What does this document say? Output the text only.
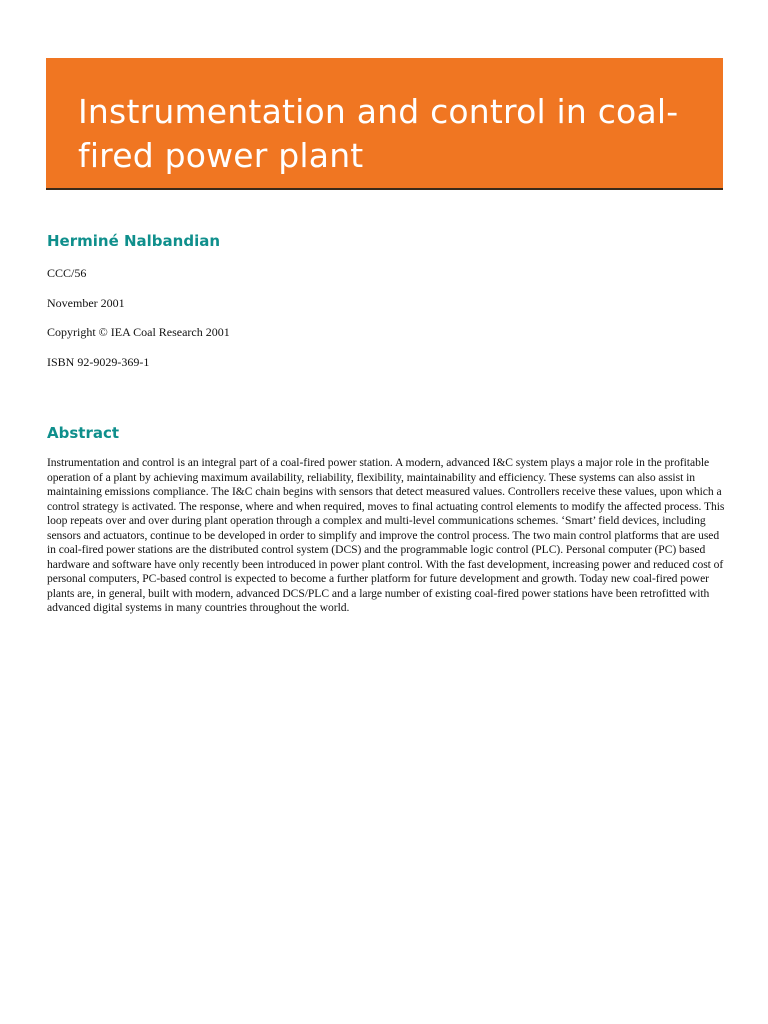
Instrumentation and control in coal-fired power plant

Herminé Nalbandian

CCC/56

November 2001

Copyright © IEA Coal Research 2001

ISBN 92-9029-369-1

Abstract

Instrumentation and control is an integral part of a coal-fired power station. A modern, advanced I&C system plays a major role in the profitable operation of a plant by achieving maximum availability, reliability, flexibility, maintainability and efficiency. These systems can also assist in maintaining emissions compliance. The I&C chain begins with sensors that detect measured values. Controllers receive these values, upon which a control strategy is activated. The response, where and when required, moves to final actuating control elements to modify the affected process. This loop repeats over and over during plant operation through a complex and multi-level communications schemes. ‘Smart’ field devices, including sensors and actuators, continue to be developed in order to simplify and improve the control process. The two main control platforms that are used in coal-fired power stations are the distributed control system (DCS) and the programmable logic control (PLC). Personal computer (PC) based hardware and software have only recently been introduced in power plant control. With the fast development, increasing power and reduced cost of personal computers, PC-based control is expected to become a further platform for future development and growth. Today new coal-fired power plants are, in general, built with modern, advanced DCS/PLC and a large number of existing coal-fired power stations have been retrofitted with advanced digital systems in many countries throughout the world.
